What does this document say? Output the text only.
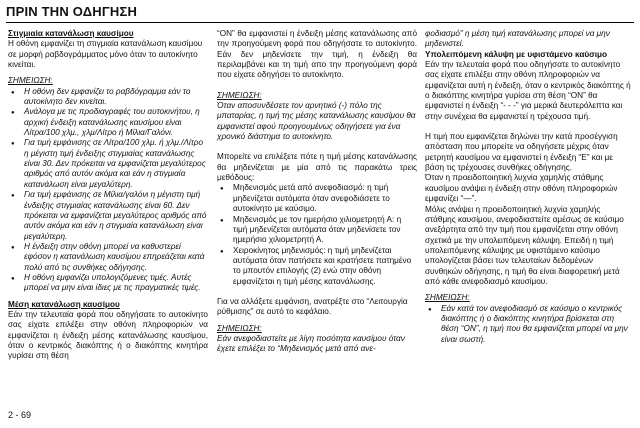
ΠΡΙΝ ΤΗΝ ΟΔΗΓΗΣΗ

Στιγμιαία κατανάλωση καυσίμου

Η οθόνη εμφανίζει τη στιγμιαία κατανάλωση καυσίμου σε μορφή ραβδογράμματος μόνο όταν το αυτοκίνητο κινείται.

ΣΗΜΕΙΩΣΗ:

● Η οθόνη δεν εμφανίζει το ραβδόγραμμα εάν το αυτοκίνητο δεν κινείται.
● Ανάλογα με τις προδιαγραφές του αυτοκινήτου, η αρχική ένδειξη κατανάλωσης καυσίμου είναι Λίτρα/100 χλμ., χλμ/Λίτρο ή Μίλια/Γαλόνι.
● Για τιμή εμφάνισης σε Λίτρα/100 χλμ. ή χλμ./Λίτρο η μέγιστη τιμή ένδειξης στιγμιαίας κατανάλωσης είναι 30. Δεν πρόκειται να εμφανίζεται μεγαλύτερος αριθμός από αυτόν ακόμα και εάν η στιγμιαία κατανάλωση είναι μεγαλύτερη.
● Για τιμή εμφάνισης σε Μίλια/γαλόνι η μέγιστη τιμή ένδειξης στιγμιαίας κατανάλωσης είναι 60. Δεν πρόκειται να εμφανίζεται μεγαλύτερος αριθμός από αυτόν ακόμα και εάν η στιγμιαία κατανάλωση είναι μεγαλύτερη.
● Η ένδειξη στην οθόνη μπορεί να καθυστερεί εφόσον η κατανάλωση καυσίμου επηρεάζεται κατά πολύ από τις συνθήκες οδήγησης.
● Η οθόνη εμφανίζει υπολογιζόμενες τιμές. Αυτές μπορεί να μην είναι ίδιες με τις πραγματικές τιμές.

Μέση κατανάλωση καυσίμου

Εάν την τελευταία φορά που οδηγήσατε το αυτοκίνητο σας είχατε επιλέξει στην οθόνη πληροφοριών να εμφανίζεται η ένδειξη μέσης κατανάλωσης καυσίμου, όταν ο κεντρικός διακόπτης ή ο διακόπτης κινητήρα γυρίσει στη θέση

“ON” θα εμφανιστεί η ένδειξη μέσης κατανάλωσης από την προηγούμενη φορά που οδηγήσατε το αυτοκίνητο. Εάν δεν μηδενίσετε την τιμή, η ένδειξη θα περιλαμβάνει και τη τιμή απο την προηγούμενη φορά που είχατε οδηγήσει το αυτοκίνητο.

ΣΗΜΕΙΩΣΗ:

Όταν αποσυνδέσετε τον αρνητικό (-) πόλο της μπαταρίας, η τιμή της μέσης κατανάλωσης καυσίμου θα εμφανιστεί αφού προηγουμένως οδηγήσετε για ένα χρονικό διάστημα το αυτοκίνητο.

Μπορείτε να επιλέξετε πότε η τιμή μέσης κατανάλωσης θα μηδενίζεται με μία από τις παρακάτω τρεις μεθόδους:

● Μηδενισμός μετά από ανεφοδιασμό: η τιμή μηδενίζεται αυτόματα όταν ανεφοδιάσετε το αυτοκίνητο με καύσιμο.
● Μηδενισμός με τον ημερήσιο χιλιομετρητή Α: η τιμή μηδενίζεται αυτόματα όταν μηδενίσετε τον ημερήσιο χιλιομετρητή Α.
● Χειροκίνητος μηδενισμός: η τιμή μηδενίζεται αυτόματα όταν πατήσετε και κρατήσετε πατημένο το μπουτόν επιλογής (2) ενώ στην οθόνη εμφανίζεται η τιμή μέσης κατανάλωσης.

Για να αλλάξετε εμφάνιση, ανατρέξτε στο “Λειτουργία ρύθμισης” σε αυτό το κεφάλαιο.

ΣΗΜΕΙΩΣΗ:

Εάν ανεφοδιαστείτε με λίγη ποσότητα καυσίμου όταν έχετε επιλέξει το “Μηδενισμός μετά από ανε-

φοδιασμό” η μέση τιμή κατανάλωσης μπορεί να μην μηδενιστεί.

Υπολειπόμενη κάλυψη με υφιστάμενο καύσιμο

Εάν την τελευταία φορά που οδηγήσατε το αυτοκίνητο σας είχατε επιλέξει στην οθόνη πληροφοριών να εμφανίζεται αυτή η ένδειξη, όταν ο κεντρικός διακόπτης ή ο διακόπτης κινητήρα γυρίσει στη θέση “ON” θα εμφανιστεί η ένδειξη “- - -” για μερικά δευτερόλεπτα και στην συνέχεια θα εμφανιστεί η τρέχουσα τιμή.

Η τιμή που εμφανίζεται δηλώνει την κατά προσέγγιση απόσταση που μπορείτε να οδηγήσετε μέχρις όταν μετρητή καυσίμου να εμφανιστεί η ένδειξη “E” και με βάση τις τρέχουσες συνθήκες οδήγησης.

Όταν η προειδοποιητική λυχνία χαμηλής στάθμης καυσίμου ανάψει η ένδειξη στην οθόνη πληροφοριών εμφανίζει “—”.

Μόλις ανάψει η προειδοποιητική λυχνία χαμηλής στάθμης καυσίμου, ανεφοδιαστείτε αμέσως σε καύσιμο ανεξάρτητα από την τιμή που εμφανίζεται στην οθόνη σχετικά με την υπολειπόμενη κάλυψη. Επειδή η τιμή υπολειπόμενης κάλυψης με υφιστάμενο καύσιμο υπολογίζεται βάσει των τελευταίων δεδομένων συνθηκών οδήγησης, η τιμή θα είναι διαφορετική μετά από κάθε ανεφοδιασμό καυσίμου.

ΣΗΜΕΙΩΣΗ:

● Εάν κατά τον ανεφοδιασμό σε καύσιμο ο κεντρικός διακόπτης ή ο διακόπτης κινητήρα βρίσκεται στη θέση “ON”, η τιμή που θα εμφανίζεται μπορεί να μην είναι σωστή.
2 - 69
